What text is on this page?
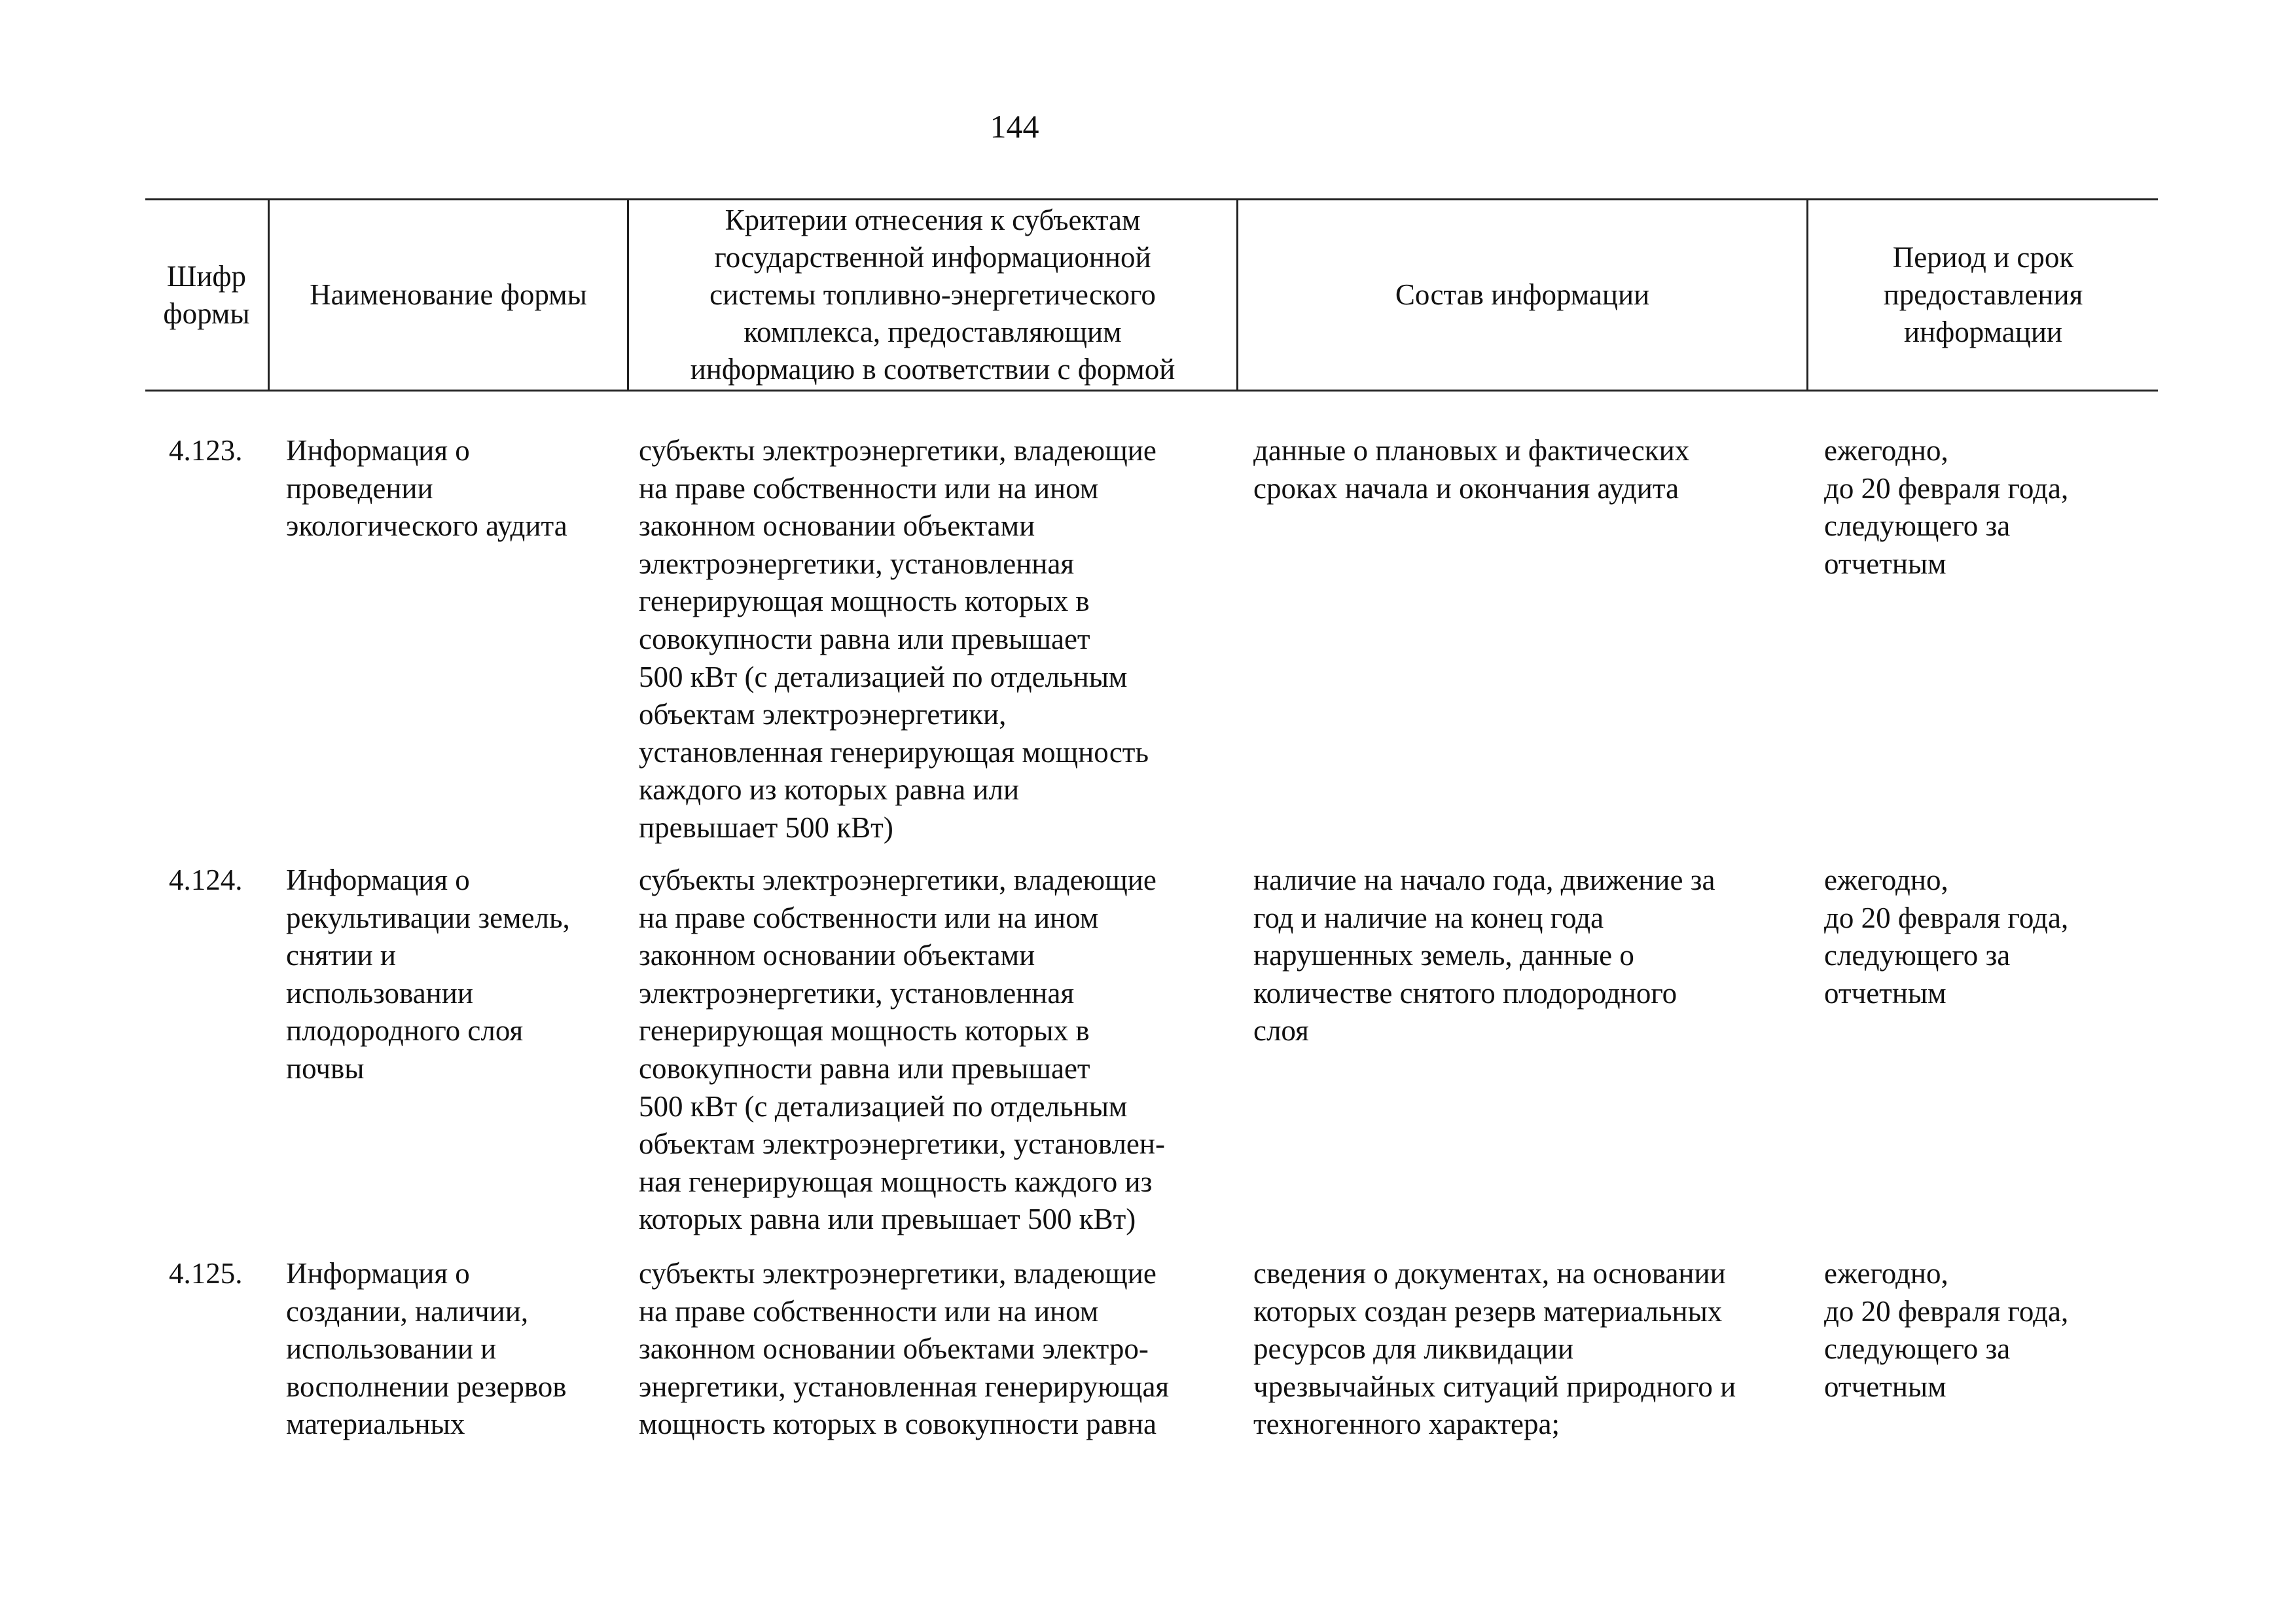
144
Шифр
формы
Наименование формы
Критерии отнесения к субъектам
государственной информационной
системы топливно-энергетического
комплекса, предоставляющим
информацию в соответствии с формой
Состав информации
Период и срок
предоставления
информации
4.123. Информация о
проведении
экологического аудита
субъекты электроэнергетики, владеющие
на праве собственности или на ином
законном основании объектами
электроэнергетики, установленная
генерирующая мощность которых в
совокупности равна или превышает
500 кВт (с детализацией по отдельным
объектам электроэнергетики,
установленная генерирующая мощность
каждого из которых равна или
превышает 500 кВт)
данные о плановых и фактических
сроках начала и окончания аудита
ежегодно,
до 20 февраля года,
следующего за
отчетным
4.124. Информация о
рекультивации земель,
снятии и
использовании
плодородного слоя
почвы
субъекты электроэнергетики, владеющие
на праве собственности или на ином
законном основании объектами
электроэнергетики, установленная
генерирующая мощность которых в
совокупности равна или превышает
500 кВт (с детализацией по отдельным
объектам электроэнергетики, установлен-
ная генерирующая мощность каждого из
которых равна или превышает 500 кВт)
наличие на начало года, движение за
год и наличие на конец года
нарушенных земель, данные о
количестве снятого плодородного
слоя
ежегодно,
до 20 февраля года,
следующего за
отчетным
4.125. Информация о
создании, наличии,
использовании и
восполнении резервов
материальных
субъекты электроэнергетики, владеющие
на праве собственности или на ином
законном основании объектами электро-
энергетики, установленная генерирующая
мощность которых в совокупности равна
сведения о документах, на основании
которых создан резерв материальных
ресурсов для ликвидации
чрезвычайных ситуаций природного и
техногенного характера;
ежегодно,
до 20 февраля года,
следующего за
отчетным
